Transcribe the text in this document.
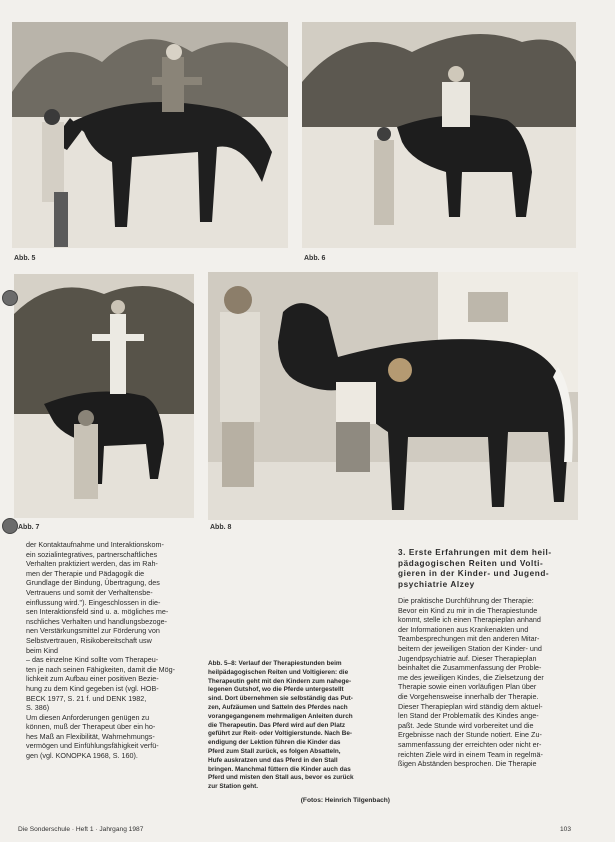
Abb. 5	Abb. 6
Abb. 7	Abb. 8
der Kontaktaufnahme und Interaktionskom-
ein sozialintegratives, partnerschaftliches
Verhalten praktiziert werden, das im Rah-
men der Therapie und Pädagogik die
Grundlage der Bindung, Übertragung, des
Vertrauens und somit der Verhaltensbe-
einflussung wird."). Eingeschlossen in die-
sen Interaktionsfeld sind u. a. mögliches me-
nschliches Verhalten und handlungsbezoge-
nen Verstärkungsmittel zur Förderung von
Selbstvertrauen, Risikobereitschaft usw
beim Kind
– das einzelne Kind sollte vom Therapeu-
ten je nach seinen Fähigkeiten, damit die Mög-
lichkeit zum Aufbau einer positiven Bezie-
hung zu dem Kind gegeben ist (vgl. HOB-
BECK 1977, S. 21 f. und DENK 1982,
S. 386)
Um diesen Anforderungen genügen zu
können, muß der Therapeut über ein ho-
hes Maß an Flexibilität, Wahrnehmungs-
vermögen und Einfühlungsfähigkeit verfü-
gen (vgl. KONOPKA 1968, S. 160).
Abb. 5–8: Verlauf der Therapiestunden beim
heilpädagogischen Reiten und Voltigieren: die
Therapeutin geht mit den Kindern zum nahege-
legenen Gutshof, wo die Pferde untergestellt
sind. Dort übernehmen sie selbständig das Put-
zen, Aufzäumen und Satteln des Pferdes nach
vorangegangenem mehrmaligen Anleiten durch
die Therapeutin. Das Pferd wird auf den Platz
geführt zur Reit- oder Voltigierstunde. Nach Be-
endigung der Lektion führen die Kinder das
Pferd zum Stall zurück, es folgen Absatteln,
Hufe auskratzen und das Pferd in den Stall
bringen. Manchmal füttern die Kinder auch das
Pferd und misten den Stall aus, bevor es zurück
zur Station geht.
(Fotos: Heinrich Tilgenbach)
3. Erste Erfahrungen mit dem heil-
pädagogischen Reiten und Volti-
gieren in der Kinder- und Jugend-
psychiatrie Alzey
Die praktische Durchführung der Therapie:
Bevor ein Kind zu mir in die Therapiestunde
kommt, stelle ich einen Therapieplan anhand
der Informationen aus Krankenakten und
Teambesprechungen mit den anderen Mitar-
beitern der jeweiligen Station der Kinder- und
Jugendpsychiatrie auf. Dieser Therapieplan
beinhaltet die Zusammenfassung der Proble-
me des jeweiligen Kindes, die Zielsetzung der
Therapie sowie einen vorläufigen Plan über
die Vorgehensweise innerhalb der Therapie.
Dieser Therapieplan wird ständig dem aktuel-
len Stand der Problematik des Kindes ange-
paßt. Jede Stunde wird vorbereitet und die
Ergebnisse nach der Stunde notiert. Eine Zu-
sammenfassung der erreichten oder nicht er-
reichten Ziele wird in einem Team in regelmä-
ßigen Abständen besprochen. Die Therapie
Die Sonderschule · Heft 1 · Jahrgang 1987	103
